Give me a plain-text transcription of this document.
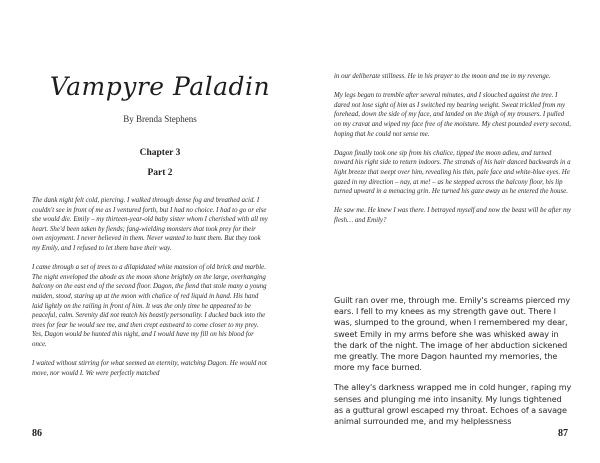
Vampyre Paladin
By Brenda Stephens
Chapter 3
Part 2

The dank night felt cold, piercing. I walked through dense fog and breathed acid. I couldn't see in front of me as I ventured forth, but I had no choice. I had to go or else she would die. Emily – my thirteen-year-old baby sister whom I cherished with all my heart. She'd been taken by fiends; fang-wielding monsters that took prey for their own enjoyment. I never believed in them. Never wanted to hunt them. But they took my Emily, and I refused to let them have their way.

I came through a set of trees to a dilapidated white mansion of old brick and marble. The night enveloped the abode as the moon shone brightly on the large, overhanging balcony on the east end of the second floor. Dagon, the fiend that stole many a young maiden, stood, staring up at the moon with chalice of red liquid in hand. His hand laid lightly on the railing in front of him. It was the only time he appeared to be peaceful, calm. Serenity did not match his beastly personality. I ducked back into the trees for fear he would see me, and then crept eastward to come closer to my prey. Yes, Dagon would be hunted this night, and I would have my fill on his blood for once.

I waited without stirring for what seemed an eternity, watching Dagon. He would not move, nor would I. We were perfectly matched

86

in our deliberate stillness. He in his prayer to the moon and me in my revenge.

My legs began to tremble after several minutes, and I slouched against the tree. I dared not lose sight of him as I switched my bearing weight. Sweat trickled from my forehead, down the side of my face, and landed on the thigh of my trousers. I pulled on my cravat and wiped my face free of the moisture. My chest pounded every second, hoping that he could not sense me.

Dagon finally took one sip from his chalice, tipped the moon adieu, and turned toward his right side to return indoors. The strands of his hair danced backwards in a light breeze that swept over him, revealing his thin, pale face and white-blue eyes. He gazed in my direction – nay, at me! – as he stepped across the balcony floor, his lip turned upward in a menacing grin. He turned his gaze away as he entered the house.

He saw me. He knew I was there. I betrayed myself and now the beast will be after my flesh… and Emily?

Guilt ran over me, through me. Emily's screams pierced my ears. I fell to my knees as my strength gave out. There I was, slumped to the ground, when I remembered my dear, sweet Emily in my arms before she was whisked away in the dark of the night. The image of her abduction sickened me greatly. The more Dagon haunted my memories, the more my face burned.

The alley's darkness wrapped me in cold hunger, raping my senses and plunging me into insanity. My lungs tightened as a guttural growl escaped my throat. Echoes of a savage animal surrounded me, and my helplessness

87
